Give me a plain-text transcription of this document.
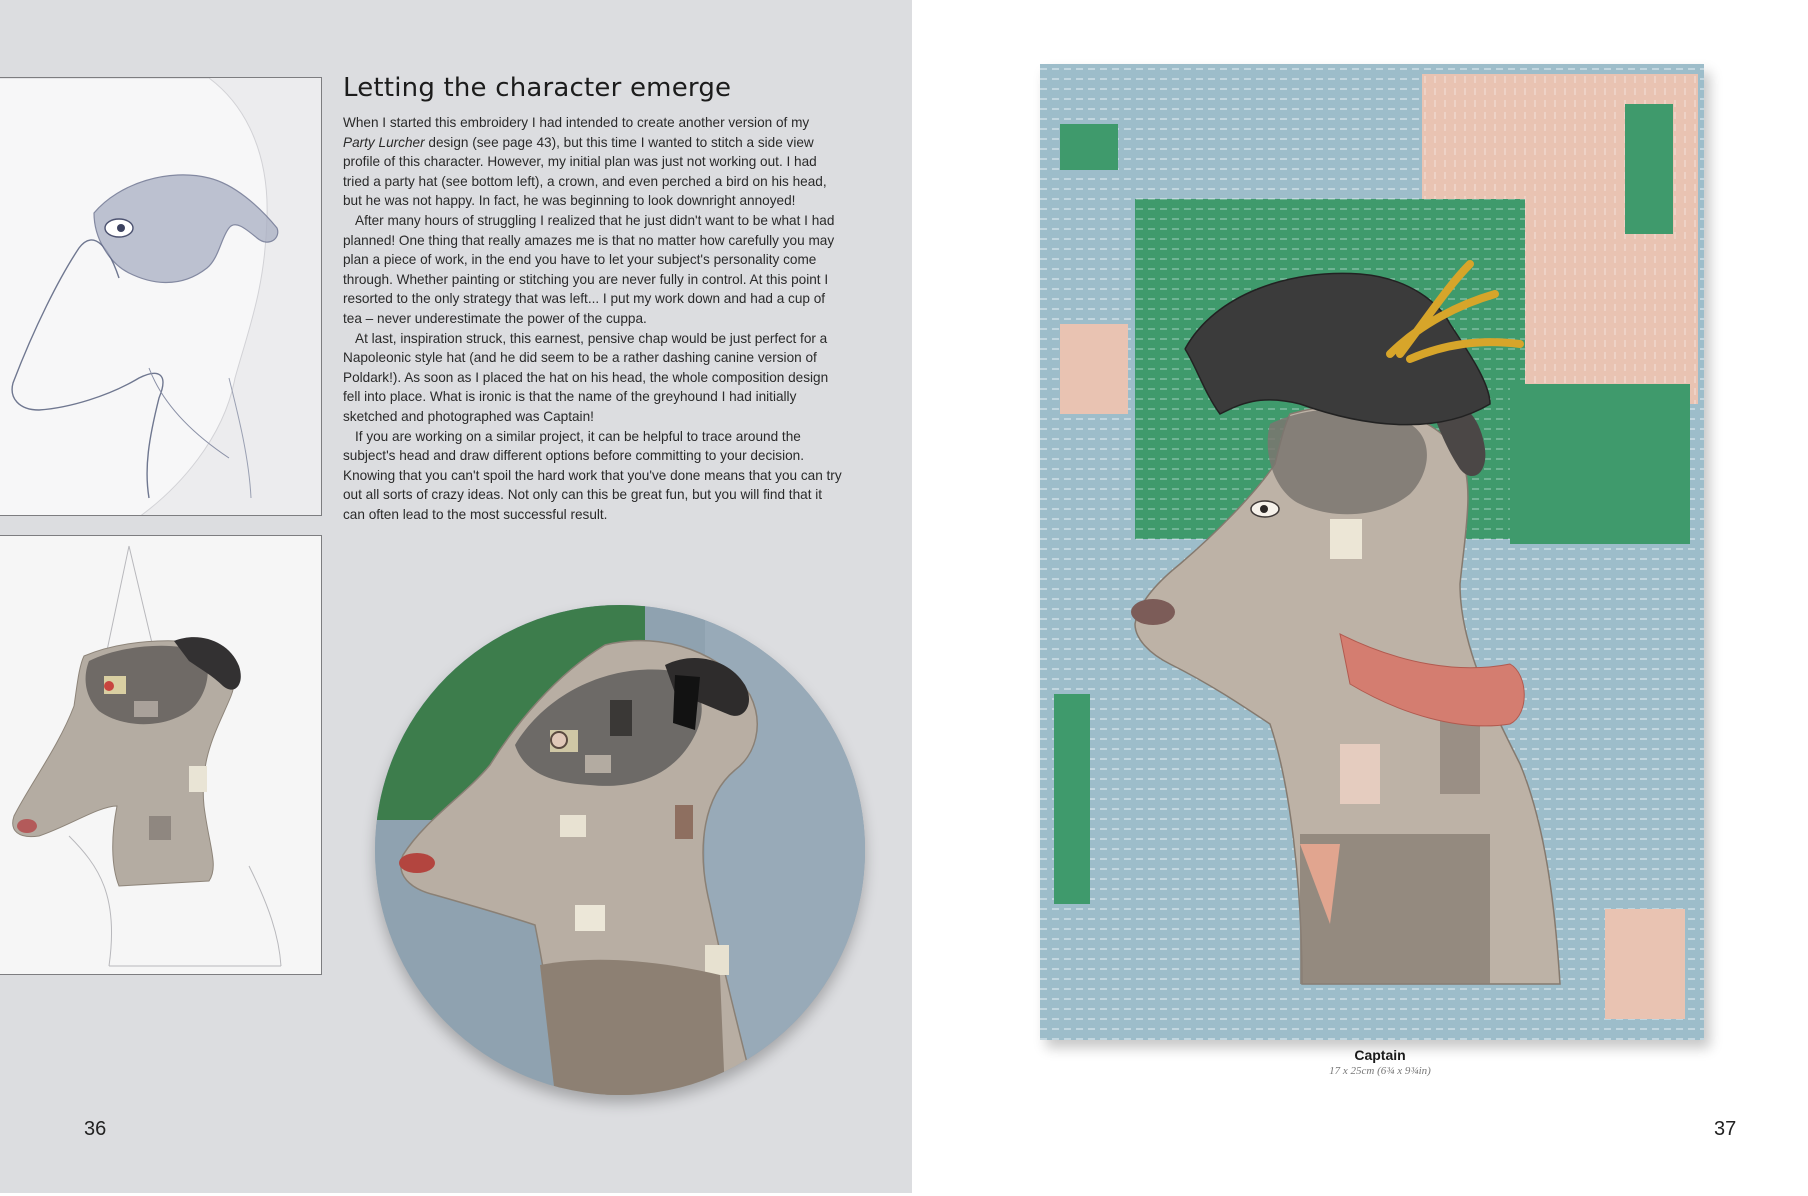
Letting the character emerge

When I started this embroidery I had intended to create another version of my Party Lurcher design (see page 43), but this time I wanted to stitch a side view profile of this character. However, my initial plan was just not working out. I had tried a party hat (see bottom left), a crown, and even perched a bird on his head, but he was not happy. In fact, he was beginning to look downright annoyed!

After many hours of struggling I realized that he just didn't want to be what I had planned! One thing that really amazes me is that no matter how carefully you may plan a piece of work, in the end you have to let your subject's personality come through. Whether painting or stitching you are never fully in control. At this point I resorted to the only strategy that was left... I put my work down and had a cup of tea – never underestimate the power of the cuppa.

At last, inspiration struck, this earnest, pensive chap would be just perfect for a Napoleonic style hat (and he did seem to be a rather dashing canine version of Poldark!). As soon as I placed the hat on his head, the whole composition design fell into place. What is ironic is that the name of the greyhound I had initially sketched and photographed was Captain!

If you are working on a similar project, it can be helpful to trace around the subject's head and draw different options before committing to your decision. Knowing that you can't spoil the hard work that you've done means that you can try out all sorts of crazy ideas. Not only can this be great fun, but you will find that it can often lead to the most successful result.

36
Captain
17 x 25cm (6¾ x 9¾in)
37
